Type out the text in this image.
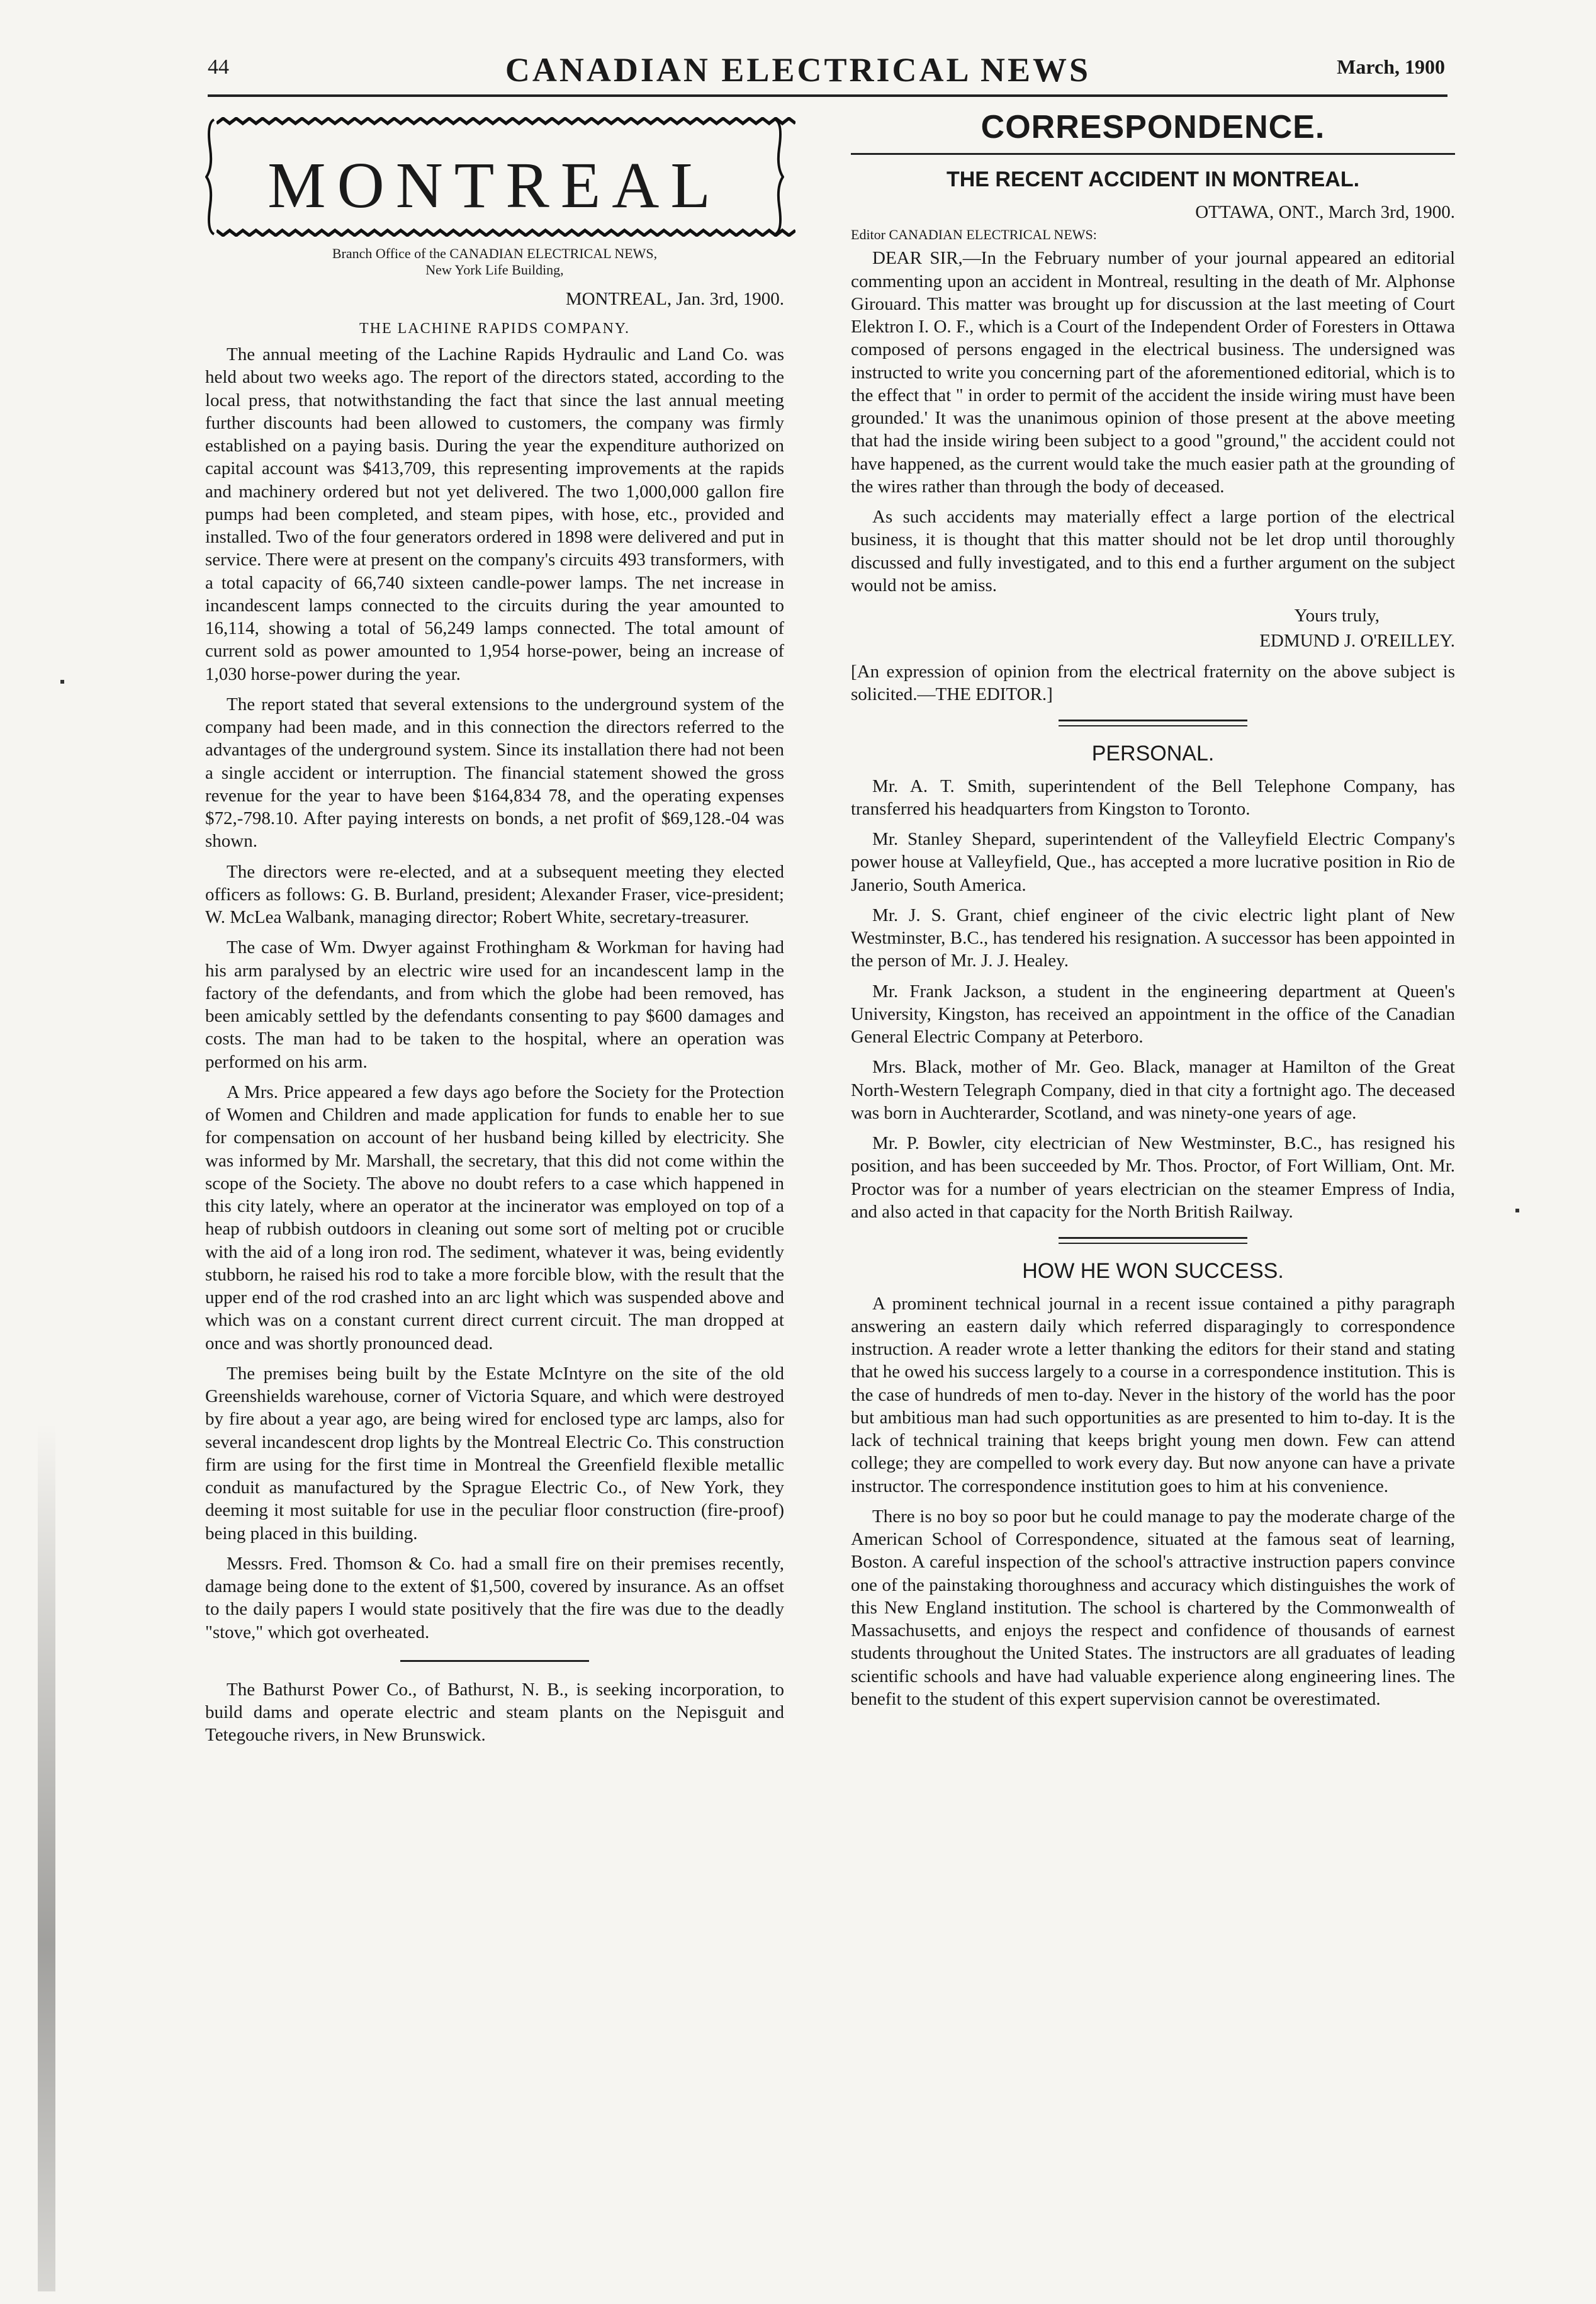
44	CANADIAN ELECTRICAL NEWS	March, 1900
MONTREAL
Branch Office of the CANADIAN ELECTRICAL NEWS,
New York Life Building,
MONTREAL, Jan. 3rd, 1900.
THE LACHINE RAPIDS COMPANY.

The annual meeting of the Lachine Rapids Hydraulic and Land Co. was held about two weeks ago. The report of the directors stated, according to the local press, that notwithstanding the fact that since the last annual meeting further discounts had been allowed to customers, the company was firmly established on a paying basis. During the year the expenditure authorized on capital account was $413,709, this representing improvements at the rapids and machinery ordered but not yet delivered. The two 1,000,000 gallon fire pumps had been completed, and steam pipes, with hose, etc., provided and installed. Two of the four generators ordered in 1898 were delivered and put in service. There were at present on the company's circuits 493 transformers, with a total capacity of 66,740 sixteen candle-power lamps. The net increase in incandescent lamps connected to the circuits during the year amounted to 16,114, showing a total of 56,249 lamps connected. The total amount of current sold as power amounted to 1,954 horse-power, being an increase of 1,030 horse-power during the year.

The report stated that several extensions to the underground system of the company had been made, and in this connection the directors referred to the advantages of the underground system. Since its installation there had not been a single accident or interruption. The financial statement showed the gross revenue for the year to have been $164,834 78, and the operating expenses $72,-798.10. After paying interests on bonds, a net profit of $69,128.-04 was shown.

The directors were re-elected, and at a subsequent meeting they elected officers as follows: G. B. Burland, president; Alexander Fraser, vice-president; W. McLea Walbank, managing director; Robert White, secretary-treasurer.

The case of Wm. Dwyer against Frothingham & Workman for having had his arm paralysed by an electric wire used for an incandescent lamp in the factory of the defendants, and from which the globe had been removed, has been amicably settled by the defendants consenting to pay $600 damages and costs. The man had to be taken to the hospital, where an operation was performed on his arm.

A Mrs. Price appeared a few days ago before the Society for the Protection of Women and Children and made application for funds to enable her to sue for compensation on account of her husband being killed by electricity. She was informed by Mr. Marshall, the secretary, that this did not come within the scope of the Society. The above no doubt refers to a case which happened in this city lately, where an operator at the incinerator was employed on top of a heap of rubbish outdoors in cleaning out some sort of melting pot or crucible with the aid of a long iron rod. The sediment, whatever it was, being evidently stubborn, he raised his rod to take a more forcible blow, with the result that the upper end of the rod crashed into an arc light which was suspended above and which was on a constant current direct current circuit. The man dropped at once and was shortly pronounced dead.

The premises being built by the Estate McIntyre on the site of the old Greenshields warehouse, corner of Victoria Square, and which were destroyed by fire about a year ago, are being wired for enclosed type arc lamps, also for several incandescent drop lights by the Montreal Electric Co. This construction firm are using for the first time in Montreal the Greenfield flexible metallic conduit as manufactured by the Sprague Electric Co., of New York, they deeming it most suitable for use in the peculiar floor construction (fire-proof) being placed in this building.

Messrs. Fred. Thomson & Co. had a small fire on their premises recently, damage being done to the extent of $1,500, covered by insurance. As an offset to the daily papers I would state positively that the fire was due to the deadly "stove," which got overheated.

The Bathurst Power Co., of Bathurst, N. B., is seeking incorporation, to build dams and operate electric and steam plants on the Nepisguit and Tetegouche rivers, in New Brunswick.

CORRESPONDENCE.
THE RECENT ACCIDENT IN MONTREAL.
OTTAWA, ONT., March 3rd, 1900.
Editor CANADIAN ELECTRICAL NEWS:

DEAR SIR,—In the February number of your journal appeared an editorial commenting upon an accident in Montreal, resulting in the death of Mr. Alphonse Girouard. This matter was brought up for discussion at the last meeting of Court Elektron I. O. F., which is a Court of the Independent Order of Foresters in Ottawa composed of persons engaged in the electrical business. The undersigned was instructed to write you concerning part of the aforementioned editorial, which is to the effect that " in order to permit of the accident the inside wiring must have been grounded.' It was the unanimous opinion of those present at the above meeting that had the inside wiring been subject to a good "ground," the accident could not have happened, as the current would take the much easier path at the grounding of the wires rather than through the body of deceased.

As such accidents may materially effect a large portion of the electrical business, it is thought that this matter should not be let drop until thoroughly discussed and fully investigated, and to this end a further argument on the subject would not be amiss.

Yours truly,
EDMUND J. O'REILLEY.

[An expression of opinion from the electrical fraternity on the above subject is solicited.—THE EDITOR.]

PERSONAL.

Mr. A. T. Smith, superintendent of the Bell Telephone Company, has transferred his headquarters from Kingston to Toronto.

Mr. Stanley Shepard, superintendent of the Valleyfield Electric Company's power house at Valleyfield, Que., has accepted a more lucrative position in Rio de Janerio, South America.

Mr. J. S. Grant, chief engineer of the civic electric light plant of New Westminster, B.C., has tendered his resignation. A successor has been appointed in the person of Mr. J. J. Healey.

Mr. Frank Jackson, a student in the engineering department at Queen's University, Kingston, has received an appointment in the office of the Canadian General Electric Company at Peterboro.

Mrs. Black, mother of Mr. Geo. Black, manager at Hamilton of the Great North-Western Telegraph Company, died in that city a fortnight ago. The deceased was born in Auchterarder, Scotland, and was ninety-one years of age.

Mr. P. Bowler, city electrician of New Westminster, B.C., has resigned his position, and has been succeeded by Mr. Thos. Proctor, of Fort William, Ont. Mr. Proctor was for a number of years electrician on the steamer Empress of India, and also acted in that capacity for the North British Railway.

HOW HE WON SUCCESS.

A prominent technical journal in a recent issue contained a pithy paragraph answering an eastern daily which referred disparagingly to correspondence instruction. A reader wrote a letter thanking the editors for their stand and stating that he owed his success largely to a course in a correspondence institution. This is the case of hundreds of men to-day. Never in the history of the world has the poor but ambitious man had such opportunities as are presented to him to-day. It is the lack of technical training that keeps bright young men down. Few can attend college; they are compelled to work every day. But now anyone can have a private instructor. The correspondence institution goes to him at his convenience.

There is no boy so poor but he could manage to pay the moderate charge of the American School of Correspondence, situated at the famous seat of learning, Boston. A careful inspection of the school's attractive instruction papers convince one of the painstaking thoroughness and accuracy which distinguishes the work of this New England institution. The school is chartered by the Commonwealth of Massachusetts, and enjoys the respect and confidence of thousands of earnest students throughout the United States. The instructors are all graduates of leading scientific schools and have had valuable experience along engineering lines. The benefit to the student of this expert supervision cannot be overestimated.
